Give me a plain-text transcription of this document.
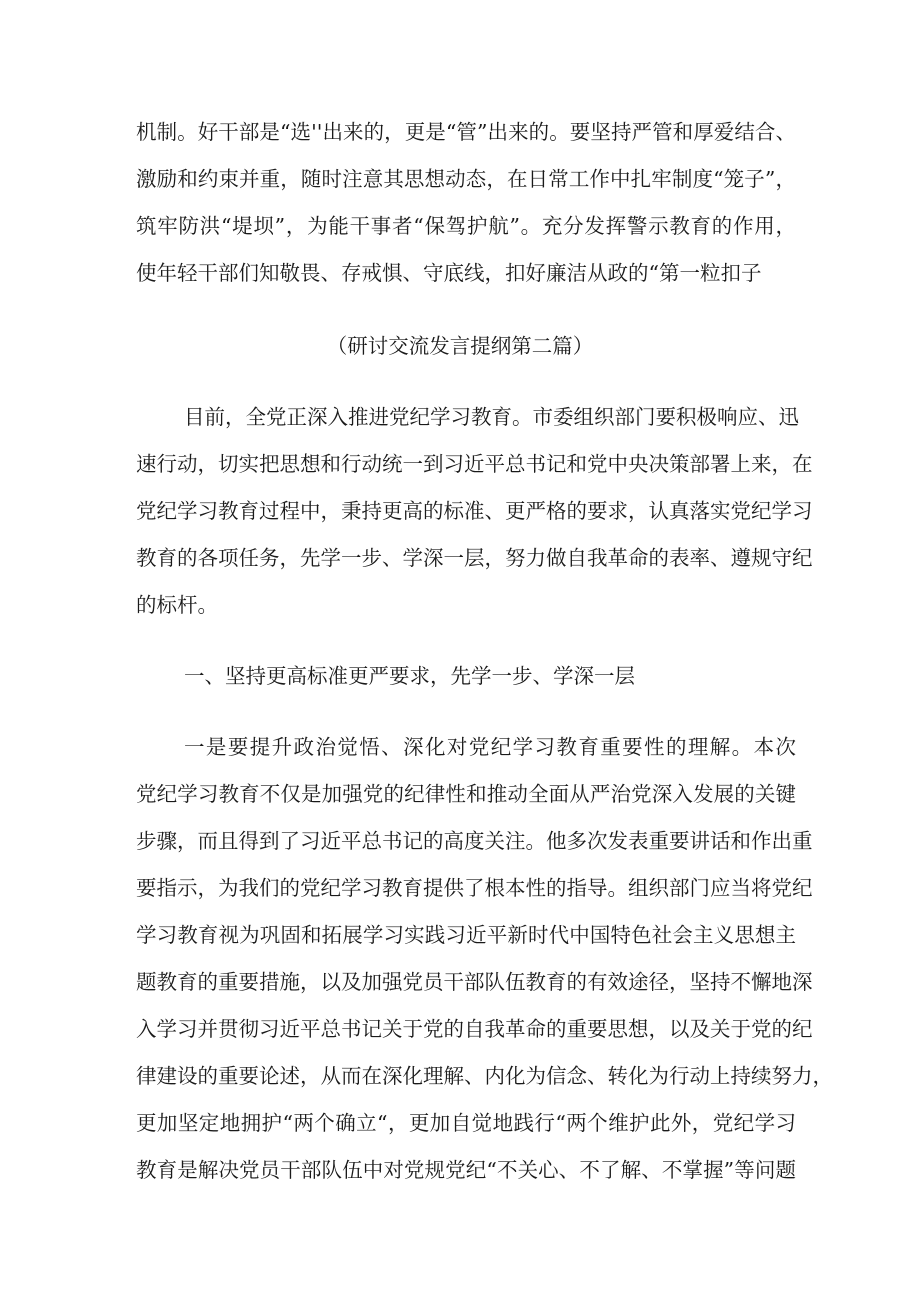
机制。好干部是“选''出来的，更是“管”出来的。要坚持严管和厚爱结合、
激励和约束并重，随时注意其思想动态，在日常工作中扎牢制度“笼子”，
筑牢防洪“堤坝”，为能干事者“保驾护航”。充分发挥警示教育的作用，
使年轻干部们知敬畏、存戒惧、守底线，扣好廉洁从政的“第一粒扣子
（研讨交流发言提纲第二篇）
目前，全党正深入推进党纪学习教育。市委组织部门要积极响应、迅
速行动，切实把思想和行动统一到习近平总书记和党中央决策部署上来，在
党纪学习教育过程中，秉持更高的标准、更严格的要求，认真落实党纪学习
教育的各项任务，先学一步、学深一层，努力做自我革命的表率、遵规守纪
的标杆。
一、坚持更高标准更严要求，先学一步、学深一层
一是要提升政治觉悟、深化对党纪学习教育重要性的理解。本次
党纪学习教育不仅是加强党的纪律性和推动全面从严治党深入发展的关键
步骤，而且得到了习近平总书记的高度关注。他多次发表重要讲话和作出重
要指示，为我们的党纪学习教育提供了根本性的指导。组织部门应当将党纪
学习教育视为巩固和拓展学习实践习近平新时代中国特色社会主义思想主
题教育的重要措施，以及加强党员干部队伍教育的有效途径，坚持不懈地深
入学习并贯彻习近平总书记关于党的自我革命的重要思想，以及关于党的纪
律建设的重要论述，从而在深化理解、内化为信念、转化为行动上持续努力，
更加坚定地拥护“两个确立“，更加自觉地践行“两个维护此外，党纪学习
教育是解决党员干部队伍中对党规党纪“不关心、不了解、不掌握”等问题
